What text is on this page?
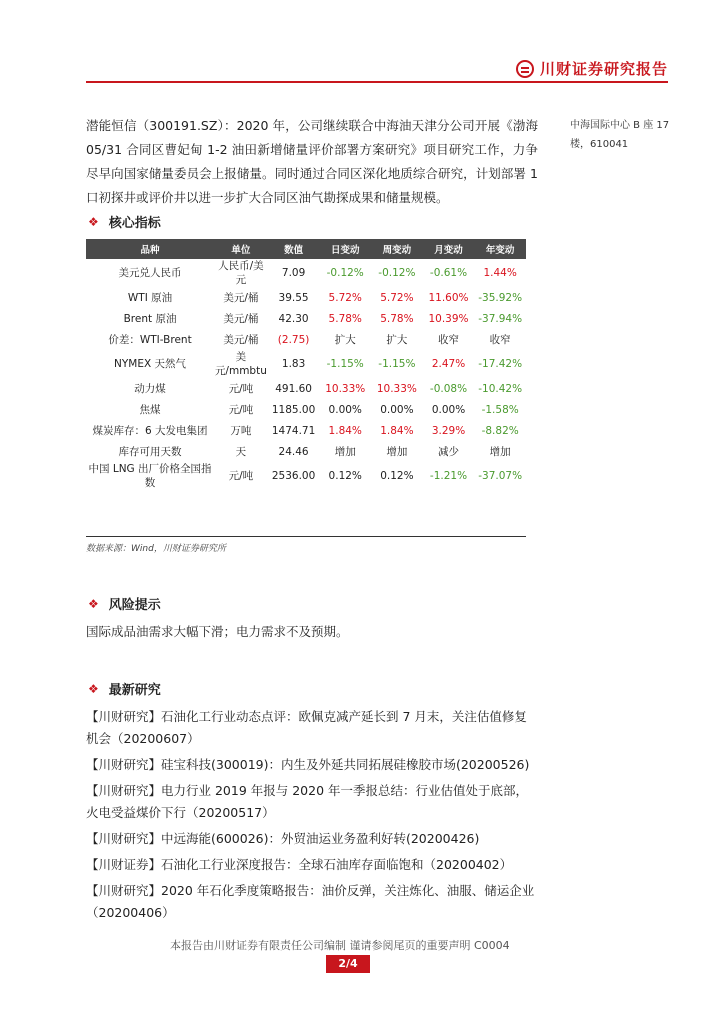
川财证券研究报告
中海国际中心 B 座 17 楼，610041

潜能恒信（300191.SZ）：2020 年，公司继续联合中海油天津分公司开展《渤海05/31 合同区曹妃甸 1-2 油田新增储量评价部署方案研究》项目研究工作，力争尽早向国家储量委员会上报储量。同时通过合同区深化地质综合研究，计划部署 1 口初探井或评价井以进一步扩大合同区油气勘探成果和储量规模。

❖ 核心指标
品种	单位	数值	日变动	周变动	月变动	年变动
美元兑人民币	人民币/美元	7.09	-0.12%	-0.12%	-0.61%	1.44%
WTI 原油	美元/桶	39.55	5.72%	5.72%	11.60%	-35.92%
Brent 原油	美元/桶	42.30	5.78%	5.78%	10.39%	-37.94%
价差：WTI-Brent	美元/桶	(2.75)	扩大	扩大	收窄	收窄
NYMEX 天然气	美元/mmbtu	1.83	-1.15%	-1.15%	2.47%	-17.42%
动力煤	元/吨	491.60	10.33%	10.33%	-0.08%	-10.42%
焦煤	元/吨	1185.00	0.00%	0.00%	0.00%	-1.58%
煤炭库存：6 大发电集团	万吨	1474.71	1.84%	1.84%	3.29%	-8.82%
库存可用天数	天	24.46	增加	增加	减少	增加
中国 LNG 出厂价格全国指数	元/吨	2536.00	0.12%	0.12%	-1.21%	-37.07%
数据来源：Wind，川财证券研究所
❖ 风险提示
国际成品油需求大幅下滑；电力需求不及预期。
❖ 最新研究
【川财研究】石油化工行业动态点评：欧佩克减产延长到 7 月末，关注估值修复机会（20200607）
【川财研究】硅宝科技(300019)：内生及外延共同拓展硅橡胶市场(20200526)
【川财研究】电力行业 2019 年报与 2020 年一季报总结：行业估值处于底部，火电受益煤价下行（20200517）
【川财研究】中远海能(600026)：外贸油运业务盈利好转(20200426)
【川财证券】石油化工行业深度报告：全球石油库存面临饱和（20200402）
【川财研究】2020 年石化季度策略报告：油价反弹，关注炼化、油服、储运企业（20200406）
本报告由川财证券有限责任公司编制 谨请参阅尾页的重要声明 C0004
2/4
